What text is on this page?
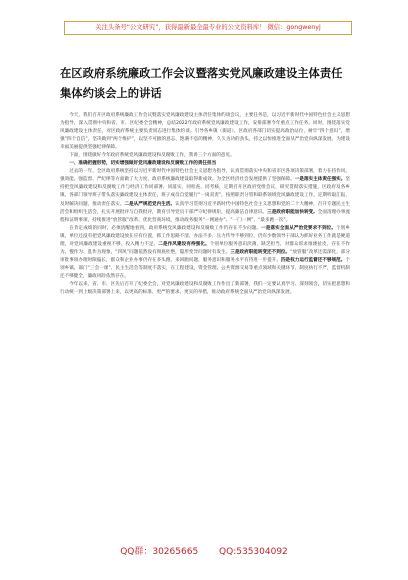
关注头条号“公文研究”，获得最新最全最专业的公文资料库！ 微信：gongwenyj
在区政府系统廉政工作会议暨落实党风廉政建设主体责任集体约谈会上的讲话

今天，我们召开区政府系统廉政工作会议暨落实党风廉政建设主体责任集体约谈会议，主要任务是，以习近平新时代中国特色社会主义思想为指导，深入贯彻中央和省、市、区纪委全会精神，总结2022年政府系统党风廉政建设工作，安排部署今年重点工作任务。同时，围绕落实党风廉政建设主体责任，对区政府系统主要负责同志进行集体约谈。引导各乡镇（街道）、区政府各部门切实提高政治站位，树牢“四个意识”，增强“四个自信”，坚决做到“两个维护”，以坚不可摧的意志、饱满不息的精神，久久为功的劲头，持之以恒推进全面从严治党向纵深发展。为建设幸福美丽提供坚强纪律保障。

下面，围绕做好今年政府系统党风廉政建设和反腐败工作，我讲三个方面的意见。

一、准确把握形势，切实增强做好党风廉政建设和反腐败工作的责任担当

过去的一年，全区政府系统坚持以习近平新时代中国特色社会主义思想为指导，认真贯彻落实中央和省市区各项决策部署，着力在持作风、强效能、强监督、严纪律等方面做了大力度，政府系统廉政建设取得新成效。为全区经济社会发展提供了坚强保障。一是落实主体责任强实。坚持把党风廉政建设和反腐败工作与经济工作同部署、同落实、同检查、同考核，定期召开区政府党组会议，研究贯彻落实措施，区政府及各乡镇、各部门领导班子带头落实廉政建设主体责任，班子成员自觉履行“一岗双责”，按照职责分管和联系领域党风廉政建设工作，定期听取汇报，及时解决问题，推动责任落实。二是从严规范党内生活。认真学习贯彻习近平新时代中国特色社会主义思想和党的二十大精神，召开专题民主生活会和组织生活会，扎实开展批评与自我批评，教育引导党员干部严守纪律规矩，提高廉洁自律意识。三是政府职能加快转变。全面清理办事流程和证明事项，持续推进“放管服”改革，优化营商环境，推动政务服务“一网通办”、“一门一网”、“最多跑一次”。

在肯定成绩的同时，必须清醒地看到，政府系统党风廉政建设和反腐败工作仍存在不少问题。一是落实全面从严治党要求不到位。个别乡镇、单位还没有把党风廉政建设放在应有位置，抓工作思路不清、办法不多，压力传导不够到位，仍有少数领导干部认为抓好业务工作就是硬道理，对党风廉政建设重视不够、投入精力不足。二是作风建设有待强化。个别单位服务意识淡薄，缺乏担当，对群众诉求推诿扯皮，存在不作为、慢作为、乱作为现象，“四风”问题依然没有彻底杜绝，隐形变异问题时有发生。三是政府职能转变还不到位。“放管服”改革还需深化，部分审批事项办理时限偏长，群众和企业办事仍存在多头跑、来回跑问题，服务意识和服务水平有待进一步提升。四是权力运行监督还不够规范。个别乡镇、部门“三会一课”、民主生活会等制度不落实，在工程建设、资金管理、公共资源交易等重点领域和关键环节，制度执行不严，监督机制还不够健全，廉政风险依然存在。

今年以来，省、市、区先后召开了纪委全会，对党风廉政建设和反腐败工作作出了新部署，我们一定要认真学习、深刻领会，切实把思想和行动统一到上级决策部署上来，以更高的标准、更严的要求、更实的举措，推动政府系统全面从严治党向纵深发展。

QQ群：30265665 QQ:535304092
